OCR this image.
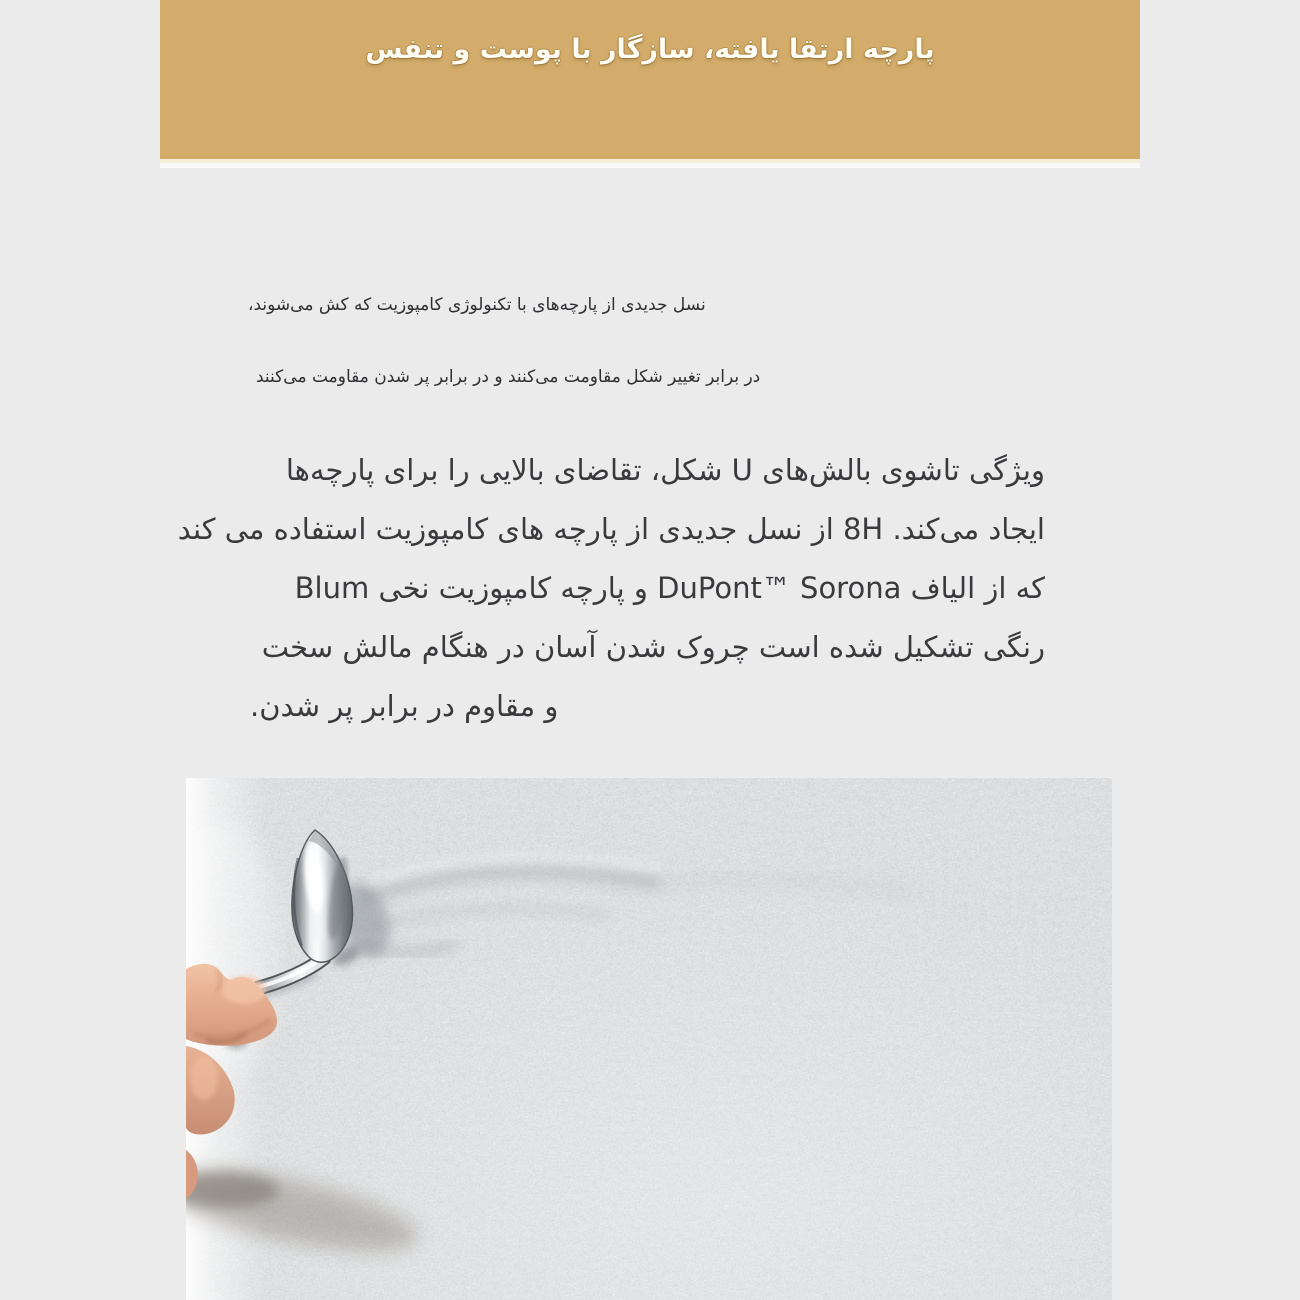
پارچه ارتقا یافته، سازگار با پوست و تنفس
نسل جدیدی از پارچه‌های با تکنولوژی کامپوزیت که کش می‌شوند،
در برابر تغییر شکل مقاومت می‌کنند و در برابر پر شدن مقاومت می‌کنند
ویژگی تاشوی بالش‌های U شکل، تقاضای بالایی را برای پارچه‌ها
ایجاد می‌کند. 8H از نسل جدیدی از پارچه های کامپوزیت استفاده می کند
که از الیاف DuPont™ Sorona و پارچه کامپوزیت نخی Blum
رنگی تشکیل شده است چروک شدن آسان در هنگام مالش سخت
و مقاوم در برابر پر شدن.
